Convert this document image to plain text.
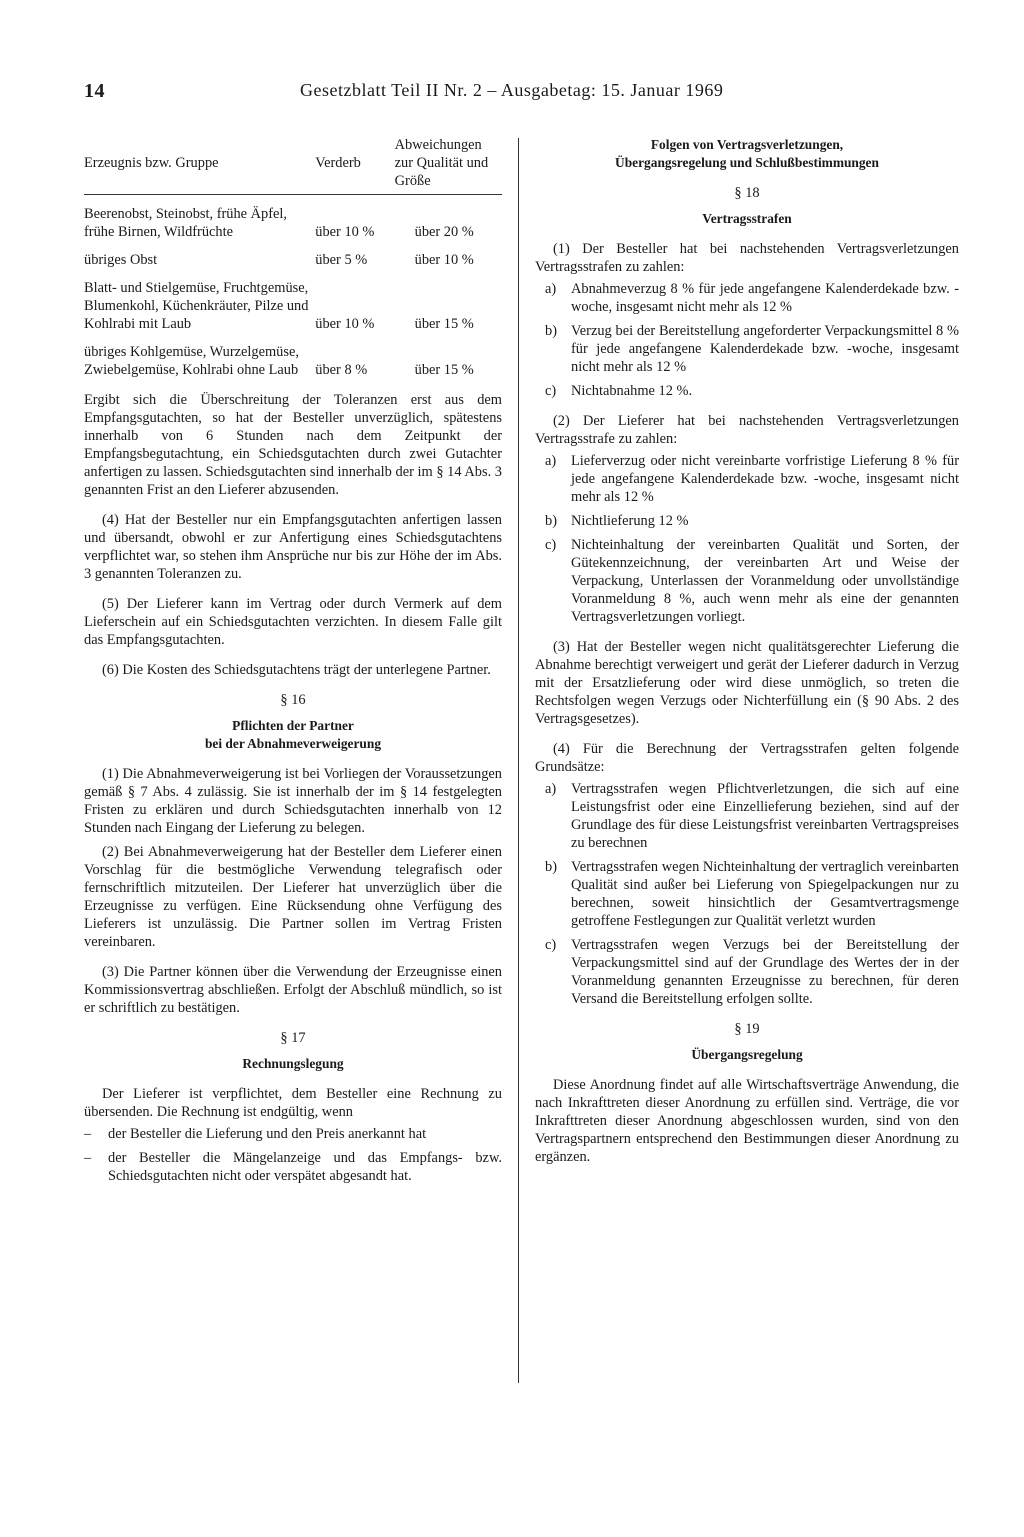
14	Gesetzblatt Teil II Nr. 2 – Ausgabetag: 15. Januar 1969
Erzeugnis bzw. Gruppe	Verderb	Abweichungen zur Qualität und Größe

Beerenobst, Steinobst, frühe Äpfel, frühe Birnen, Wildfrüchte	über 10 %	über 20 %

übriges Obst	über 5 %	über 10 %

Blatt- und Stielgemüse, Fruchtgemüse, Blumenkohl, Küchenkräuter, Pilze und Kohlrabi mit Laub	über 10 %	über 15 %

übriges Kohlgemüse, Wurzelgemüse, Zwiebelgemüse, Kohlrabi ohne Laub	über 8 %	über 15 %

Ergibt sich die Überschreitung der Toleranzen erst aus dem Empfangsgutachten, so hat der Besteller unverzüglich, spätestens innerhalb von 6 Stunden nach dem Zeitpunkt der Empfangsbegutachtung, ein Schiedsgutachten durch zwei Gutachter anfertigen zu lassen. Schiedsgutachten sind innerhalb der im § 14 Abs. 3 genannten Frist an den Lieferer abzusenden.

(4) Hat der Besteller nur ein Empfangsgutachten anfertigen lassen und übersandt, obwohl er zur Anfertigung eines Schiedsgutachtens verpflichtet war, so stehen ihm Ansprüche nur bis zur Höhe der im Abs. 3 genannten Toleranzen zu.

(5) Der Lieferer kann im Vertrag oder durch Vermerk auf dem Lieferschein auf ein Schiedsgutachten verzichten. In diesem Falle gilt das Empfangsgutachten.

(6) Die Kosten des Schiedsgutachtens trägt der unterlegene Partner.

§ 16

Pflichten der Partner

bei der Abnahmeverweigerung

(1) Die Abnahmeverweigerung ist bei Vorliegen der Voraussetzungen gemäß § 7 Abs. 4 zulässig. Sie ist innerhalb der im § 14 festgelegten Fristen zu erklären und durch Schiedsgutachten innerhalb von 12 Stunden nach Eingang der Lieferung zu belegen.

(2) Bei Abnahmeverweigerung hat der Besteller dem Lieferer einen Vorschlag für die bestmögliche Verwendung telegrafisch oder fernschriftlich mitzuteilen. Der Lieferer hat unverzüglich über die Erzeugnisse zu verfügen. Eine Rücksendung ohne Verfügung des Lieferers ist unzulässig. Die Partner sollen im Vertrag Fristen vereinbaren.

(3) Die Partner können über die Verwendung der Erzeugnisse einen Kommissionsvertrag abschließen. Erfolgt der Abschluß mündlich, so ist er schriftlich zu bestätigen.

§ 17

Rechnungslegung

Der Lieferer ist verpflichtet, dem Besteller eine Rechnung zu übersenden. Die Rechnung ist endgültig, wenn

–	der Besteller die Lieferung und den Preis anerkannt hat
–	der Besteller die Mängelanzeige und das Empfangs- bzw. Schiedsgutachten nicht oder verspätet abgesandt hat.

Folgen von Vertragsverletzungen,

Übergangsregelung und Schlußbestimmungen

§ 18

Vertragsstrafen

(1) Der Besteller hat bei nachstehenden Vertragsverletzungen Vertragsstrafen zu zahlen:

a)	Abnahmeverzug 8 % für jede angefangene Kalenderdekade bzw. -woche, insgesamt nicht mehr als 12 %
b) Verzug bei der Bereitstellung angeforderter Verpackungsmittel 8 % für jede angefangene Kalenderdekade bzw. -woche, insgesamt nicht mehr als 12 %
c)	Nichtabnahme 12 %.

(2) Der Lieferer hat bei nachstehenden Vertragsverletzungen Vertragsstrafe zu zahlen:

a)	Lieferverzug oder nicht vereinbarte vorfristige Lieferung 8 % für jede angefangene Kalenderdekade bzw. -woche, insgesamt nicht mehr als 12 %
b) Nichtlieferung 12 %
c)	Nichteinhaltung der vereinbarten Qualität und Sorten, der Gütekennzeichnung, der vereinbarten Art und Weise der Verpackung, Unterlassen der Voranmeldung oder unvollständige Voranmeldung 8 %, auch wenn mehr als eine der genannten Vertragsverletzungen vorliegt.

(3) Hat der Besteller wegen nicht qualitätsgerechter Lieferung die Abnahme berechtigt verweigert und gerät der Lieferer dadurch in Verzug mit der Ersatzlieferung oder wird diese unmöglich, so treten die Rechtsfolgen wegen Verzugs oder Nichterfüllung ein (§ 90 Abs. 2 des Vertragsgesetzes).

(4) Für die Berechnung der Vertragsstrafen gelten folgende Grundsätze:

a)	Vertragsstrafen wegen Pflichtverletzungen, die sich auf eine Leistungsfrist oder eine Einzellieferung beziehen, sind auf der Grundlage des für diese Leistungsfrist vereinbarten Vertragspreises zu berechnen
b) Vertragsstrafen wegen Nichteinhaltung der vertraglich vereinbarten Qualität sind außer bei Lieferung von Spiegelpackungen nur zu berechnen, soweit hinsichtlich der Gesamtvertragsmenge getroffene Festlegungen zur Qualität verletzt wurden
c)	Vertragsstrafen wegen Verzugs bei der Bereitstellung der Verpackungsmittel sind auf der Grundlage des Wertes der in der Voranmeldung genannten Erzeugnisse zu berechnen, für deren Versand die Bereitstellung erfolgen sollte.

§ 19

Übergangsregelung

Diese Anordnung findet auf alle Wirtschaftsverträge Anwendung, die nach Inkrafttreten dieser Anordnung zu erfüllen sind. Verträge, die vor Inkrafttreten dieser Anordnung abgeschlossen wurden, sind von den Vertragspartnern entsprechend den Bestimmungen dieser Anordnung zu ergänzen.
